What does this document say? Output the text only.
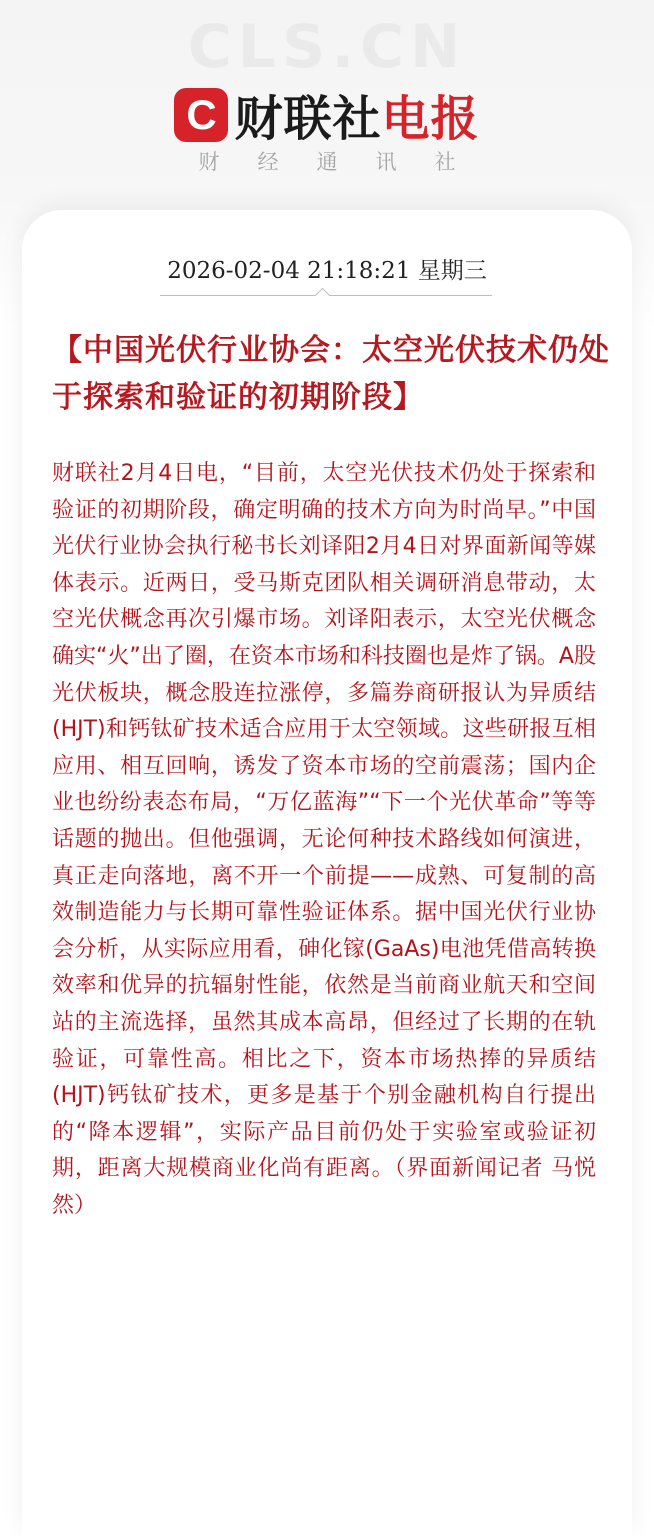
CLS.CN
C 财联社电报
财经通讯社
2026-02-04 21:18:21 星期三
【中国光伏行业协会：太空光伏技术仍处于探索和验证的初期阶段】

财联社2月4日电，“目前，太空光伏技术仍处于探索和验证的初期阶段，确定明确的技术方向为时尚早。”中国光伏行业协会执行秘书长刘译阳2月4日对界面新闻等媒体表示。近两日，受马斯克团队相关调研消息带动，太空光伏概念再次引爆市场。刘译阳表示，太空光伏概念确实“火”出了圈，在资本市场和科技圈也是炸了锅。A股光伏板块，概念股连拉涨停，多篇券商研报认为异质结(HJT)和钙钛矿技术适合应用于太空领域。这些研报互相应用、相互回响，诱发了资本市场的空前震荡；国内企业也纷纷表态布局，“万亿蓝海”“下一个光伏革命”等等话题的抛出。但他强调，无论何种技术路线如何演进，真正走向落地，离不开一个前提——成熟、可复制的高效制造能力与长期可靠性验证体系。据中国光伏行业协会分析，从实际应用看，砷化镓(GaAs)电池凭借高转换效率和优异的抗辐射性能，依然是当前商业航天和空间站的主流选择，虽然其成本高昂，但经过了长期的在轨验证，可靠性高。相比之下，资本市场热捧的异质结(HJT)钙钛矿技术，更多是基于个别金融机构自行提出的“降本逻辑”，实际产品目前仍处于实验室或验证初期，距离大规模商业化尚有距离。（界面新闻记者 马悦然）
